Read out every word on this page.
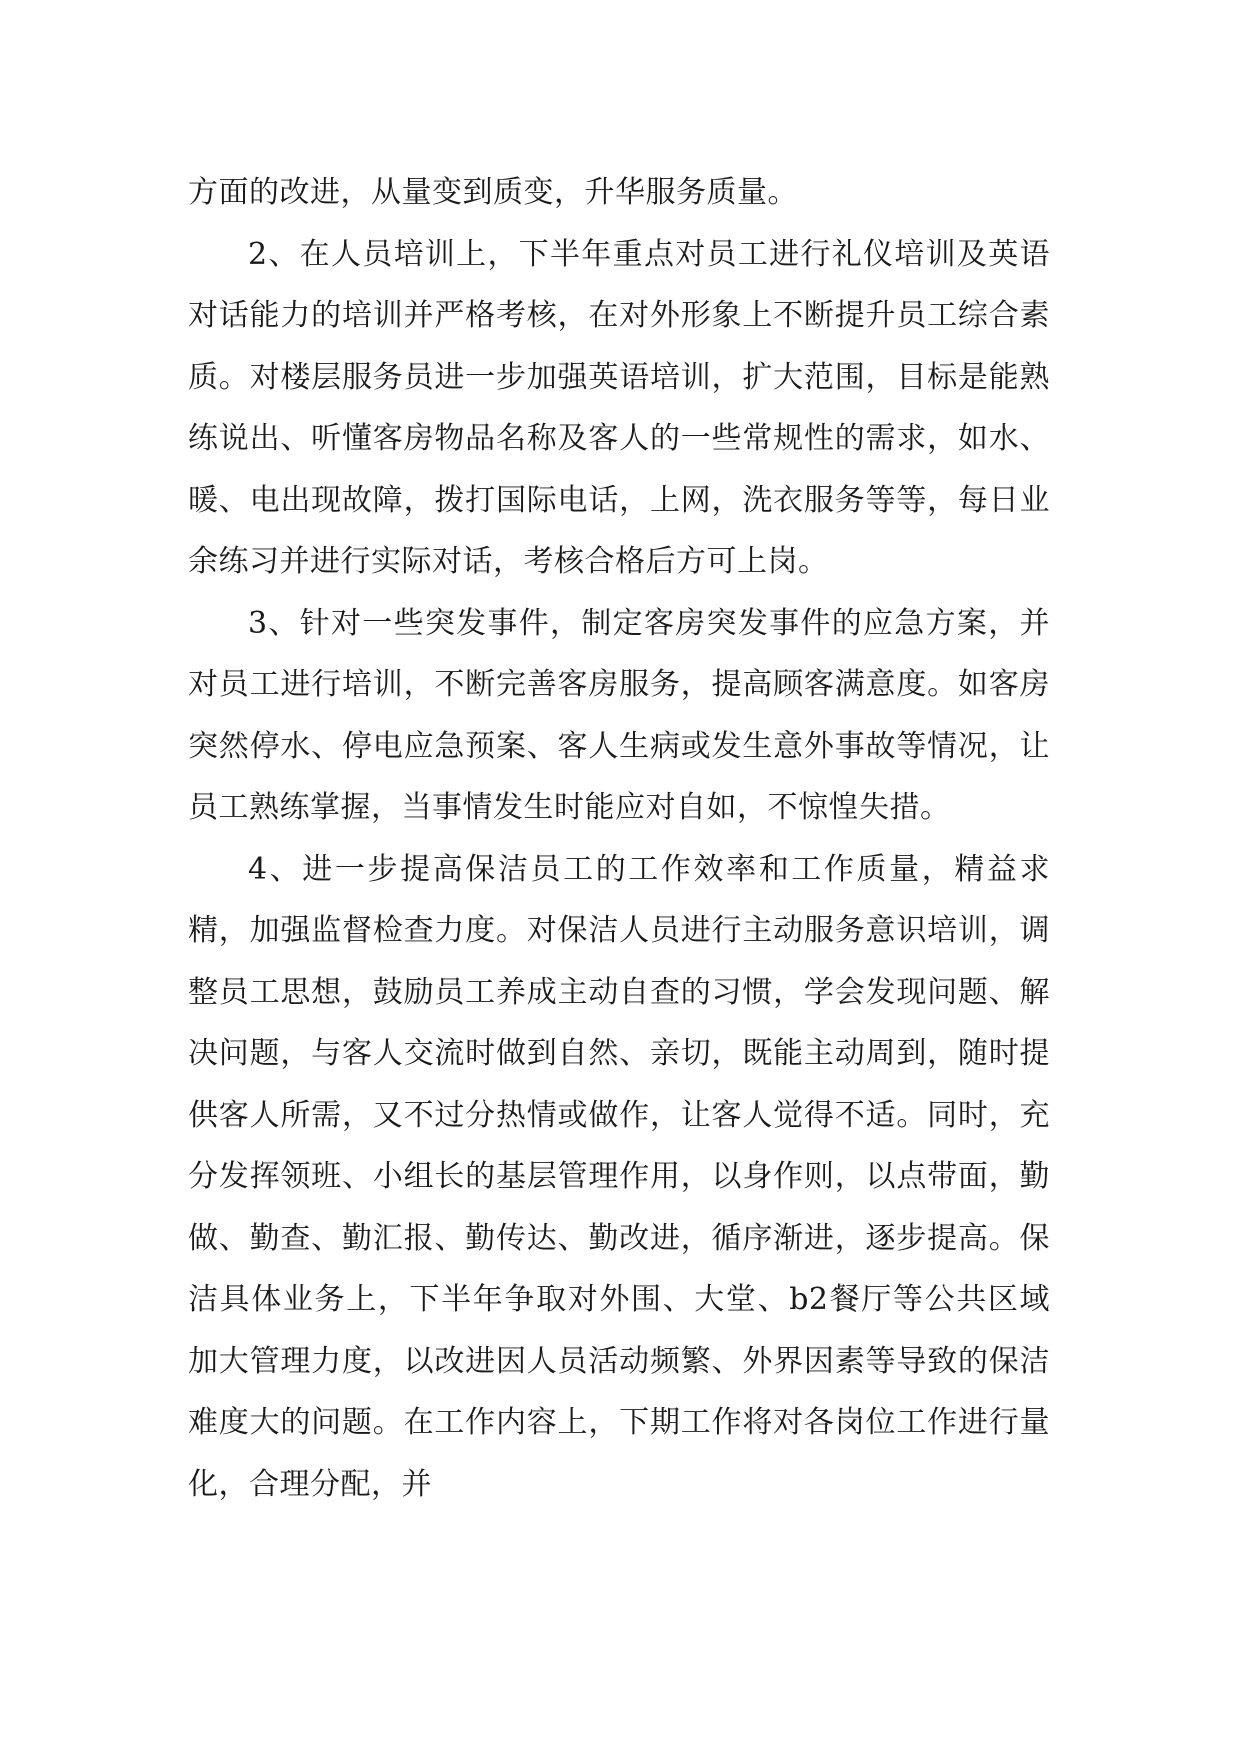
方面的改进，从量变到质变，升华服务质量。

2、在人员培训上，下半年重点对员工进行礼仪培训及英语对话能力的培训并严格考核，在对外形象上不断提升员工综合素质。对楼层服务员进一步加强英语培训，扩大范围，目标是能熟练说出、听懂客房物品名称及客人的一些常规性的需求，如水、暖、电出现故障，拨打国际电话，上网，洗衣服务等等，每日业余练习并进行实际对话，考核合格后方可上岗。

3、针对一些突发事件，制定客房突发事件的应急方案，并对员工进行培训，不断完善客房服务，提高顾客满意度。如客房突然停水、停电应急预案、客人生病或发生意外事故等情况，让员工熟练掌握，当事情发生时能应对自如，不惊惶失措。

4、进一步提高保洁员工的工作效率和工作质量，精益求精，加强监督检查力度。对保洁人员进行主动服务意识培训，调整员工思想，鼓励员工养成主动自查的习惯，学会发现问题、解决问题，与客人交流时做到自然、亲切，既能主动周到，随时提供客人所需，又不过分热情或做作，让客人觉得不适。同时，充分发挥领班、小组长的基层管理作用，以身作则，以点带面，勤做、勤查、勤汇报、勤传达、勤改进，循序渐进，逐步提高。保洁具体业务上，下半年争取对外围、大堂、b2餐厅等公共区域加大管理力度，以改进因人员活动频繁、外界因素等导致的保洁难度大的问题。在工作内容上，下期工作将对各岗位工作进行量化，合理分配，并
